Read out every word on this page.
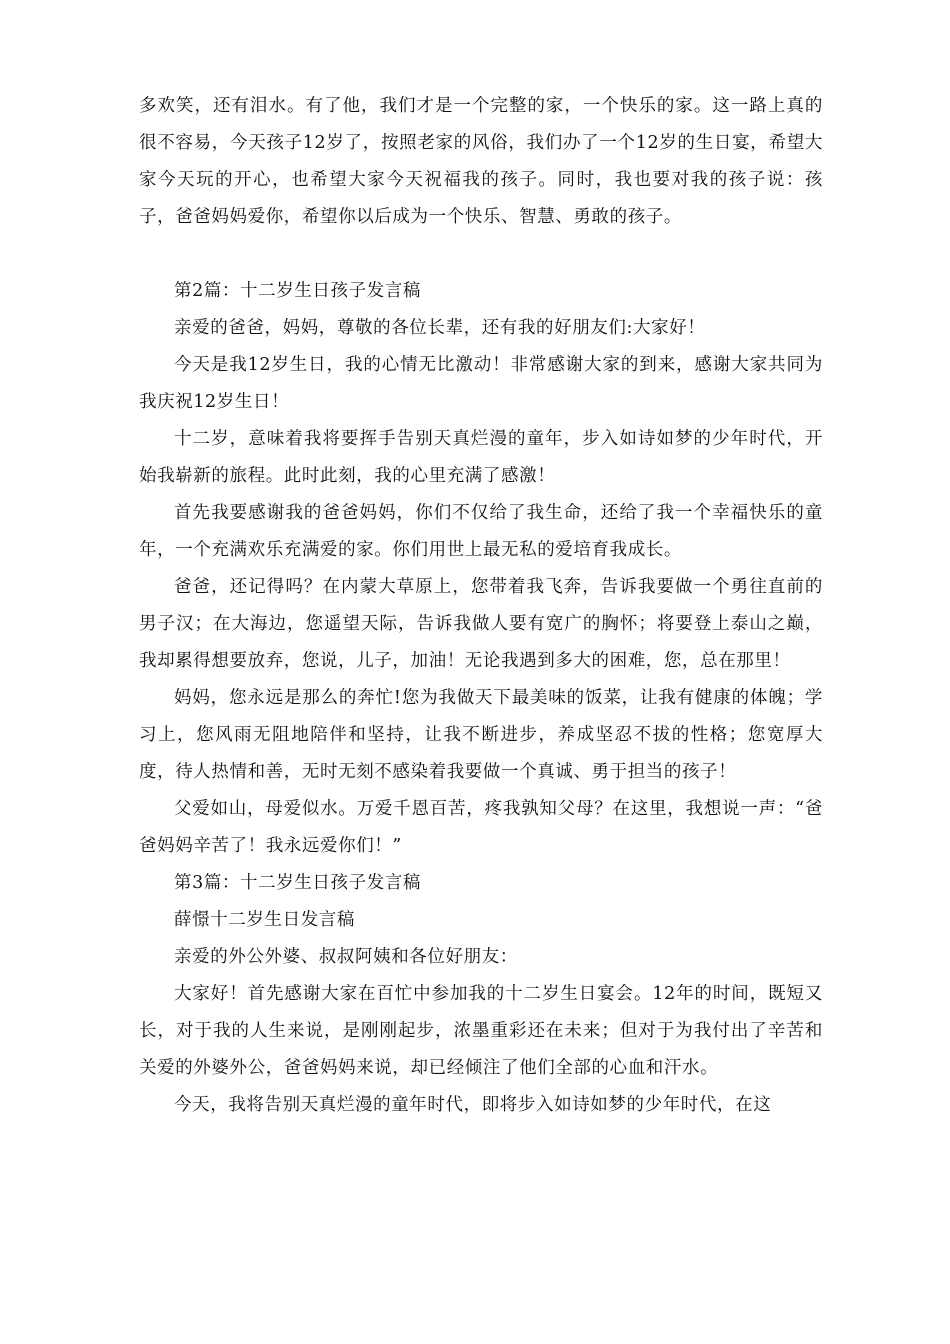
多欢笑，还有泪水。有了他，我们才是一个完整的家，一个快乐的家。这一路上真的很不容易，今天孩子12岁了，按照老家的风俗，我们办了一个12岁的生日宴，希望大家今天玩的开心，也希望大家今天祝福我的孩子。同时，我也要对我的孩子说：孩子，爸爸妈妈爱你，希望你以后成为一个快乐、智慧、勇敢的孩子。

第2篇：十二岁生日孩子发言稿

亲爱的爸爸，妈妈，尊敬的各位长辈，还有我的好朋友们:大家好！

今天是我12岁生日，我的心情无比激动！非常感谢大家的到来，感谢大家共同为我庆祝12岁生日！

十二岁，意味着我将要挥手告别天真烂漫的童年，步入如诗如梦的少年时代，开始我崭新的旅程。此时此刻，我的心里充满了感激！

首先我要感谢我的爸爸妈妈，你们不仅给了我生命，还给了我一个幸福快乐的童年，一个充满欢乐充满爱的家。你们用世上最无私的爱培育我成长。

爸爸，还记得吗？在内蒙大草原上，您带着我飞奔，告诉我要做一个勇往直前的男子汉；在大海边，您遥望天际，告诉我做人要有宽广的胸怀；将要登上泰山之巅，我却累得想要放弃，您说，儿子，加油！无论我遇到多大的困难，您，总在那里！

妈妈，您永远是那么的奔忙!您为我做天下最美味的饭菜，让我有健康的体魄；学习上，您风雨无阻地陪伴和坚持，让我不断进步，养成坚忍不拔的性格；您宽厚大度，待人热情和善，无时无刻不感染着我要做一个真诚、勇于担当的孩子！

父爱如山，母爱似水。万爱千恩百苦，疼我孰知父母？在这里，我想说一声：“爸爸妈妈辛苦了！我永远爱你们！”

第3篇：十二岁生日孩子发言稿

薛憬十二岁生日发言稿

亲爱的外公外婆、叔叔阿姨和各位好朋友：

大家好！首先感谢大家在百忙中参加我的十二岁生日宴会。12年的时间，既短又长，对于我的人生来说，是刚刚起步，浓墨重彩还在未来；但对于为我付出了辛苦和关爱的外婆外公，爸爸妈妈来说，却已经倾注了他们全部的心血和汗水。

今天，我将告别天真烂漫的童年时代，即将步入如诗如梦的少年时代，在这
